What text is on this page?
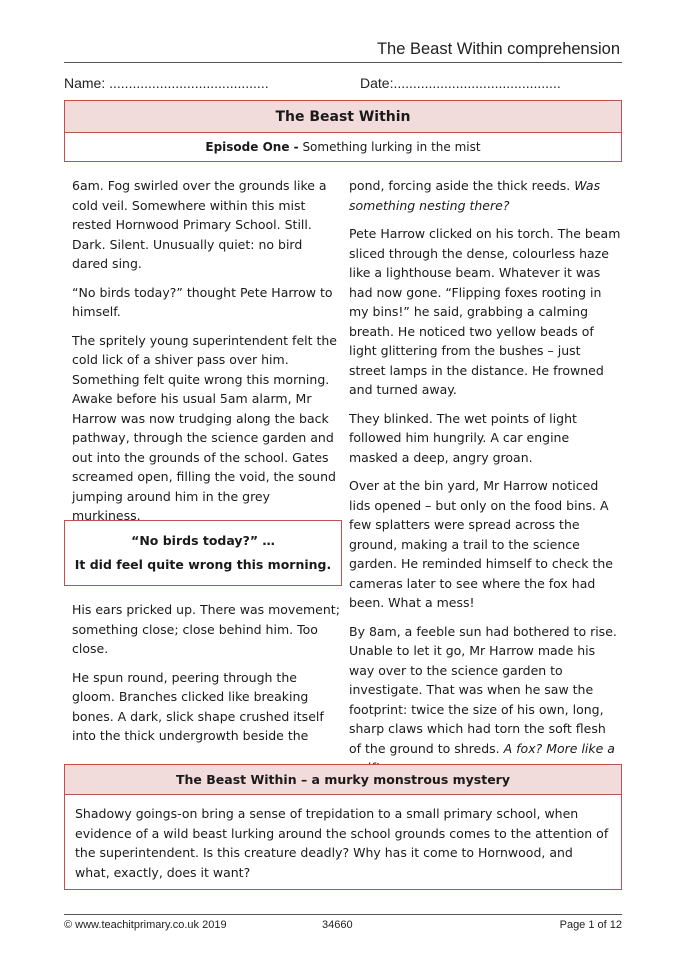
The Beast Within comprehension
Name: .........................................	Date:...........................................
The Beast Within
Episode One - Something lurking in the mist

6am. Fog swirled over the grounds like a cold veil. Somewhere within this mist rested Hornwood Primary School. Still. Dark. Silent. Unusually quiet: no bird dared sing.

“No birds today?” thought Pete Harrow to himself.

The spritely young superintendent felt the cold lick of a shiver pass over him. Something felt quite wrong this morning. Awake before his usual 5am alarm, Mr Harrow was now trudging along the back pathway, through the science garden and out into the grounds of the school. Gates screamed open, filling the void, the sound jumping around him in the grey murkiness.

“No birds today?” …
It did feel quite wrong this morning.

His ears pricked up. There was movement; something close; close behind him. Too close.

He spun round, peering through the gloom. Branches clicked like breaking bones. A dark, slick shape crushed itself into the thick undergrowth beside the

pond, forcing aside the thick reeds. Was something nesting there?

Pete Harrow clicked on his torch. The beam sliced through the dense, colourless haze like a lighthouse beam. Whatever it was had now gone. “Flipping foxes rooting in my bins!” he said, grabbing a calming breath. He noticed two yellow beads of light glittering from the bushes – just street lamps in the distance. He frowned and turned away.

They blinked. The wet points of light followed him hungrily. A car engine masked a deep, angry groan.

Over at the bin yard, Mr Harrow noticed lids opened – but only on the food bins. A few splatters were spread across the ground, making a trail to the science garden. He reminded himself to check the cameras later to see where the fox had been. What a mess!

By 8am, a feeble sun had bothered to rise. Unable to let it go, Mr Harrow made his way over to the science garden to investigate. That was when he saw the footprint: twice the size of his own, long, sharp claws which had torn the soft flesh of the ground to shreds. A fox? More like a

The Beast Within – a murky monstrous mystery
Shadowy goings-on bring a sense of trepidation to a small primary school, when evidence of a wild beast lurking around the school grounds comes to the attention of the superintendent. Is this creature deadly? Why has it come to Hornwood, and what, exactly, does it want?
© www.teachitprimary.co.uk 2019	34660	Page 1 of 12
